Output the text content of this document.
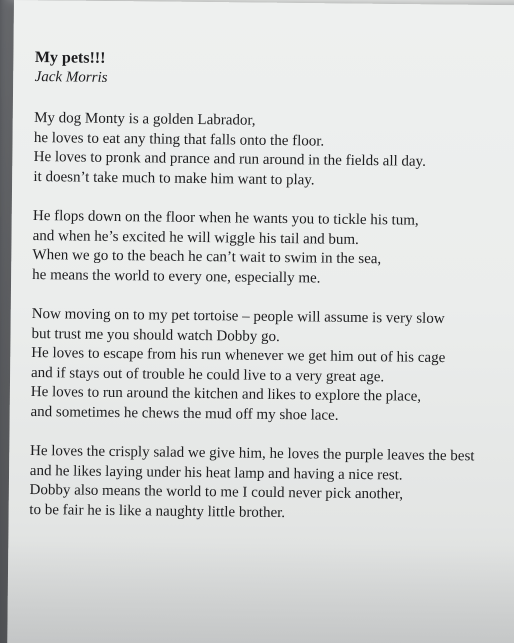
My pets!!!

Jack Morris

My dog Monty is a golden Labrador,
he loves to eat any thing that falls onto the floor.
He loves to pronk and prance and run around in the fields all day.
it doesn’t take much to make him want to play.
He flops down on the floor when he wants you to tickle his tum,
and when he’s excited he will wiggle his tail and bum.
When we go to the beach he can’t wait to swim in the sea,
he means the world to every one, especially me.
Now moving on to my pet tortoise – people will assume is very slow
but trust me you should watch Dobby go.
He loves to escape from his run whenever we get him out of his cage
and if stays out of trouble he could live to a very great age.
He loves to run around the kitchen and likes to explore the place,
and sometimes he chews the mud off my shoe lace.
He loves the crisply salad we give him, he loves the purple leaves the best
and he likes laying under his heat lamp and having a nice rest.
Dobby also means the world to me I could never pick another,
to be fair he is like a naughty little brother.
